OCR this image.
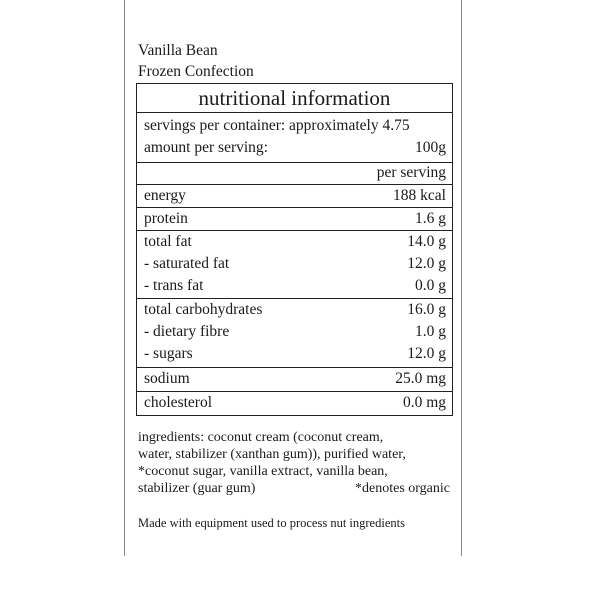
Vanilla Bean
Frozen Confection
nutritional information
servings per container: approximately 4.75
amount per serving:	100g
per serving
energy	188 kcal
protein	1.6 g
total fat	14.0 g
- saturated fat	12.0 g
- trans fat	0.0 g
total carbohydrates	16.0 g
- dietary fibre	1.0 g
- sugars	12.0 g
sodium	25.0 mg
cholesterol	0.0 mg
ingredients: coconut cream (coconut cream,
water, stabilizer (xanthan gum)), purified water,
*coconut sugar, vanilla extract, vanilla bean,
stabilizer (guar gum)	*denotes organic
Made with equipment used to process nut ingredients
